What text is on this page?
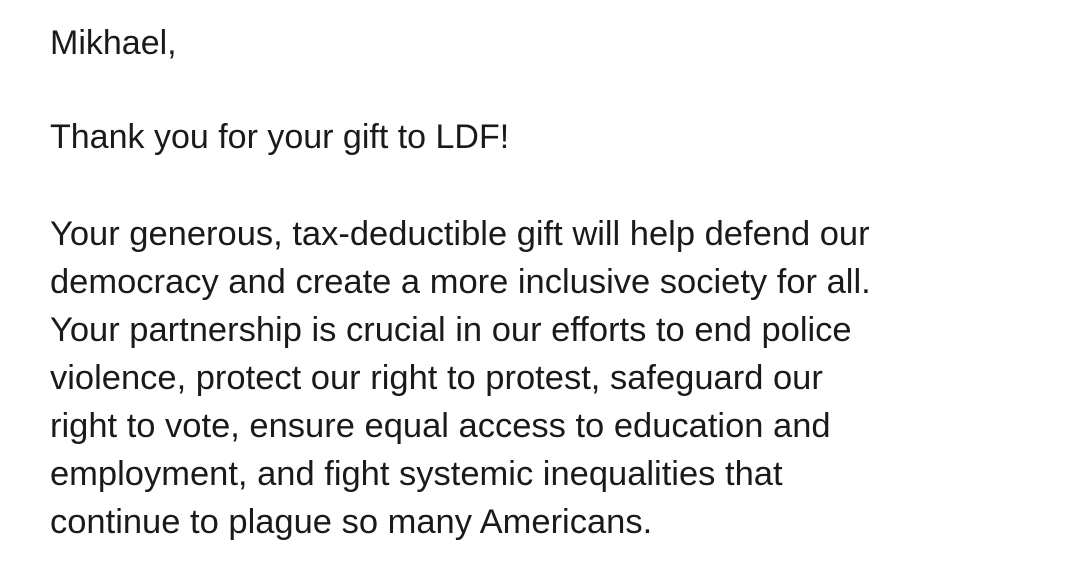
Mikhael,
Thank you for your gift to LDF!

Your generous, tax-deductible gift will help defend our
democracy and create a more inclusive society for all.
Your partnership is crucial in our efforts to end police
violence, protect our right to protest, safeguard our
right to vote, ensure equal access to education and
employment, and fight systemic inequalities that
continue to plague so many Americans.
